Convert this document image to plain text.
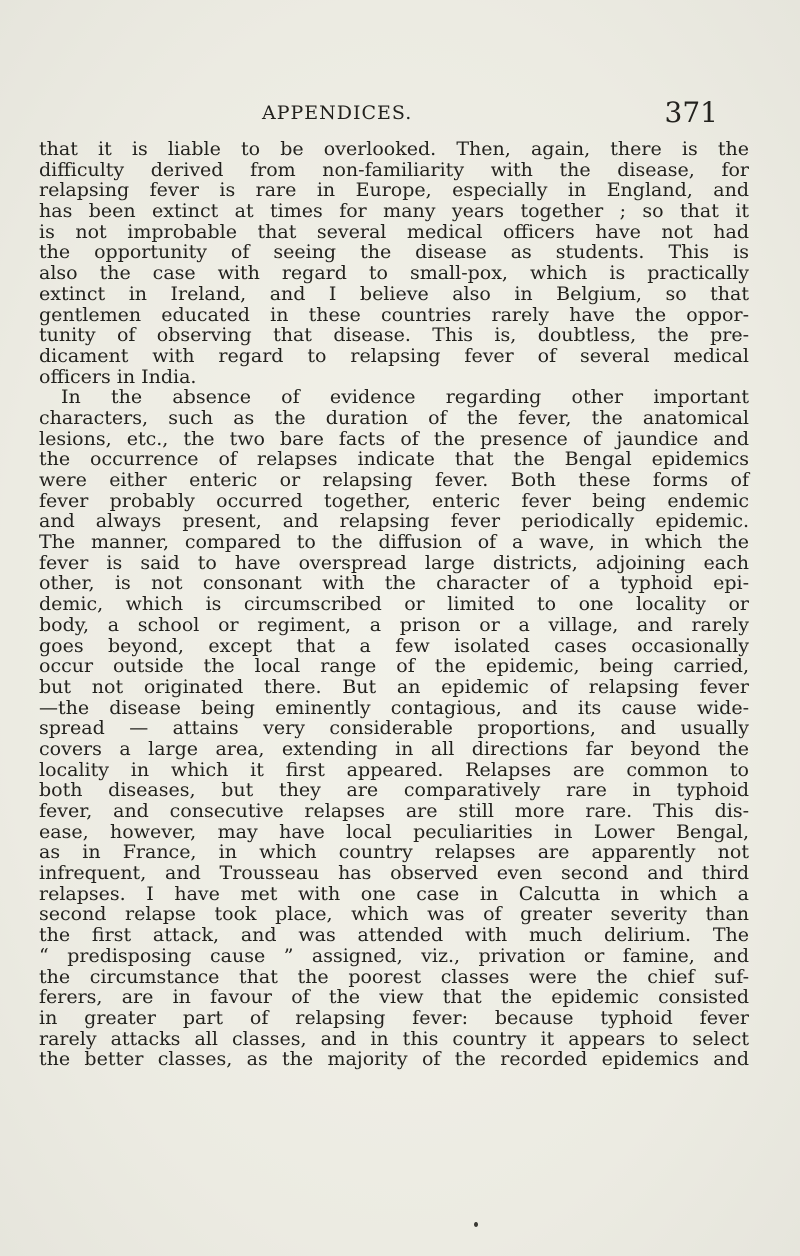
APPENDICES.	371
that it is liable to be overlooked. Then, again, there is the
difficulty derived from non-familiarity with the disease, for
relapsing fever is rare in Europe, especially in England, and
has been extinct at times for many years together ; so that it
is not improbable that several medical officers have not had
the opportunity of seeing the disease as students. This is
also the case with regard to small-pox, which is practically
extinct in Ireland, and I believe also in Belgium, so that
gentlemen educated in these countries rarely have the oppor-
tunity of observing that disease. This is, doubtless, the pre-
dicament with regard to relapsing fever of several medical
officers in India.
In the absence of evidence regarding other important
characters, such as the duration of the fever, the anatomical
lesions, etc., the two bare facts of the presence of jaundice and
the occurrence of relapses indicate that the Bengal epidemics
were either enteric or relapsing fever. Both these forms of
fever probably occurred together, enteric fever being endemic
and always present, and relapsing fever periodically epidemic.
The manner, compared to the diffusion of a wave, in which the
fever is said to have overspread large districts, adjoining each
other, is not consonant with the character of a typhoid epi-
demic, which is circumscribed or limited to one locality or
body, a school or regiment, a prison or a village, and rarely
goes beyond, except that a few isolated cases occasionally
occur outside the local range of the epidemic, being carried,
but not originated there. But an epidemic of relapsing fever
—the disease being eminently contagious, and its cause wide-
spread — attains very considerable proportions, and usually
covers a large area, extending in all directions far beyond the
locality in which it first appeared. Relapses are common to
both diseases, but they are comparatively rare in typhoid
fever, and consecutive relapses are still more rare. This dis-
ease, however, may have local peculiarities in Lower Bengal,
as in France, in which country relapses are apparently not
infrequent, and Trousseau has observed even second and third
relapses. I have met with one case in Calcutta in which a
second relapse took place, which was of greater severity than
the first attack, and was attended with much delirium. The
“ predisposing cause ” assigned, viz., privation or famine, and
the circumstance that the poorest classes were the chief suf-
ferers, are in favour of the view that the epidemic consisted
in greater part of relapsing fever: because typhoid fever
rarely attacks all classes, and in this country it appears to select
the better classes, as the majority of the recorded epidemics and
